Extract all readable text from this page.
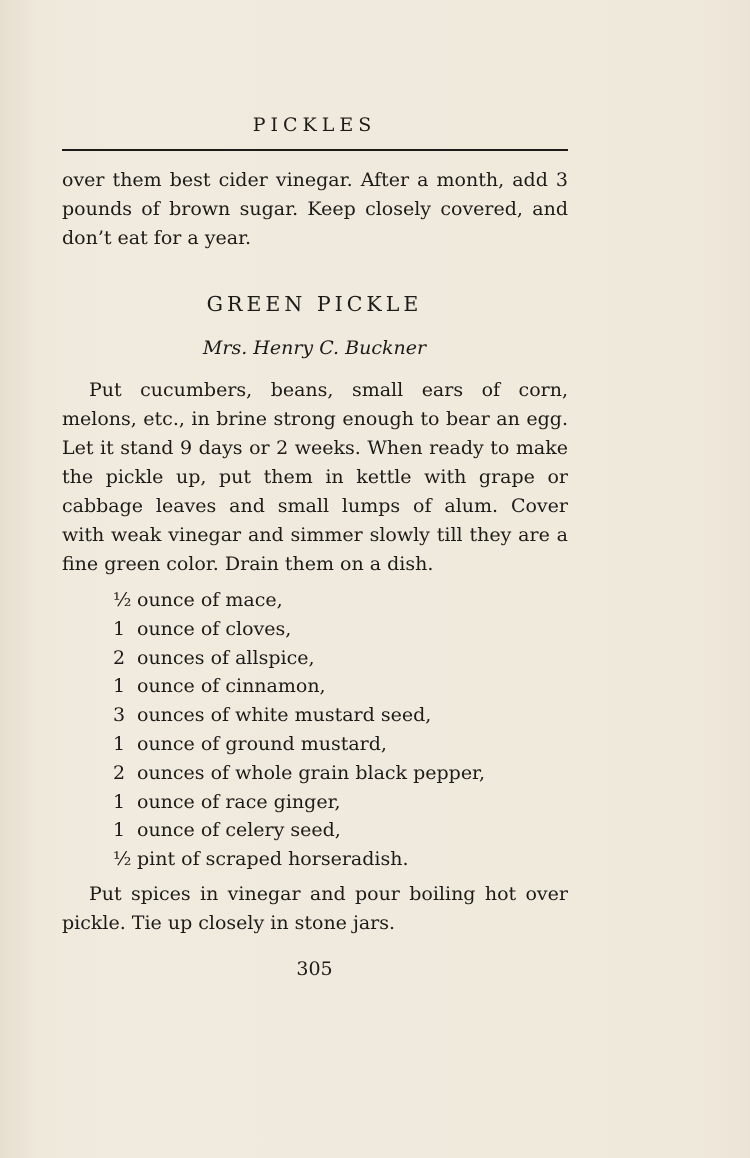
PICKLES

over them best cider vinegar. After a month, add 3 pounds of brown sugar. Keep closely covered, and don’t eat for a year.

GREEN PICKLE
Mrs. Henry C. Buckner

Put cucumbers, beans, small ears of corn, melons, etc., in brine strong enough to bear an egg. Let it stand 9 days or 2 weeks. When ready to make the pickle up, put them in kettle with grape or cabbage leaves and small lumps of alum. Cover with weak vinegar and simmer slowly till they are a fine green color. Drain them on a dish.

½ ounce of mace,
1 ounce of cloves,
2 ounces of allspice,
1 ounce of cinnamon,
3 ounces of white mustard seed,
1 ounce of ground mustard,
2 ounces of whole grain black pepper,
1 ounce of race ginger,
1 ounce of celery seed,
½ pint of scraped horseradish.

Put spices in vinegar and pour boiling hot over pickle. Tie up closely in stone jars.

305
